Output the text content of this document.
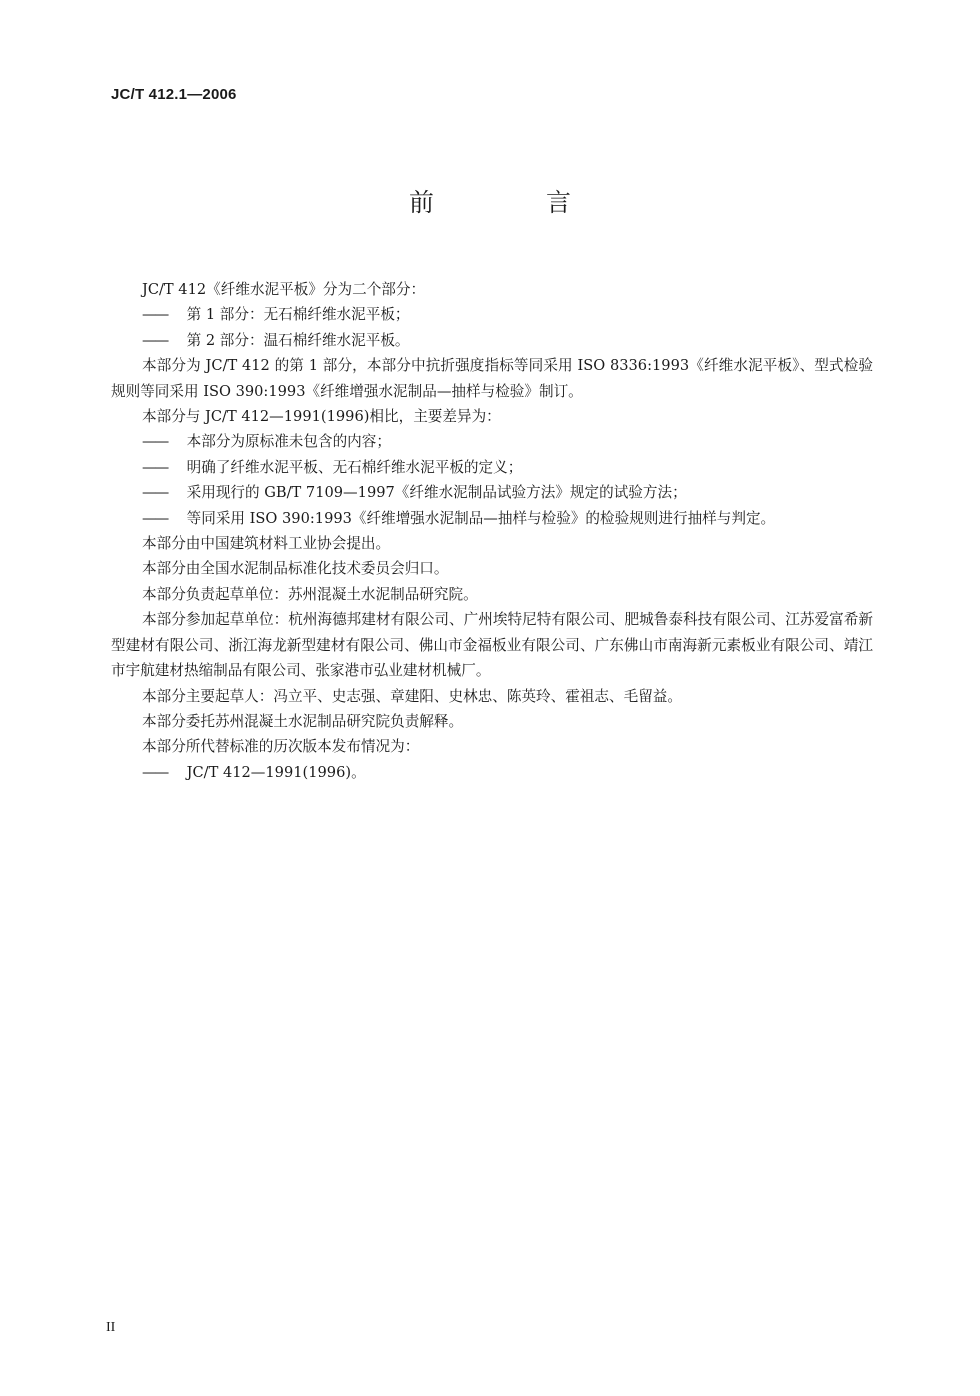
JC/T 412.1—2006

前 言

JC/T 412《纤维水泥平板》分为二个部分：

—— 第 1 部分：无石棉纤维水泥平板；

—— 第 2 部分：温石棉纤维水泥平板。

本部分为 JC/T 412 的第 1 部分，本部分中抗折强度指标等同采用 ISO 8336:1993《纤维水泥平板》、型式检验规则等同采用 ISO 390:1993《纤维增强水泥制品—抽样与检验》制订。

本部分与 JC/T 412—1991(1996)相比，主要差异为：

—— 本部分为原标准未包含的内容；

—— 明确了纤维水泥平板、无石棉纤维水泥平板的定义；

—— 采用现行的 GB/T 7109—1997《纤维水泥制品试验方法》规定的试验方法；

—— 等同采用 ISO 390:1993《纤维增强水泥制品—抽样与检验》的检验规则进行抽样与判定。

本部分由中国建筑材料工业协会提出。

本部分由全国水泥制品标准化技术委员会归口。

本部分负责起草单位：苏州混凝土水泥制品研究院。

本部分参加起草单位：杭州海德邦建材有限公司、广州埃特尼特有限公司、肥城鲁泰科技有限公司、江苏爱富希新型建材有限公司、浙江海龙新型建材有限公司、佛山市金福板业有限公司、广东佛山市南海新元素板业有限公司、靖江市宇航建材热缩制品有限公司、张家港市弘业建材机械厂。

本部分主要起草人：冯立平、史志强、章建阳、史林忠、陈英玲、霍祖志、毛留益。

本部分委托苏州混凝土水泥制品研究院负责解释。

本部分所代替标准的历次版本发布情况为：

—— JC/T 412—1991(1996)。

II
